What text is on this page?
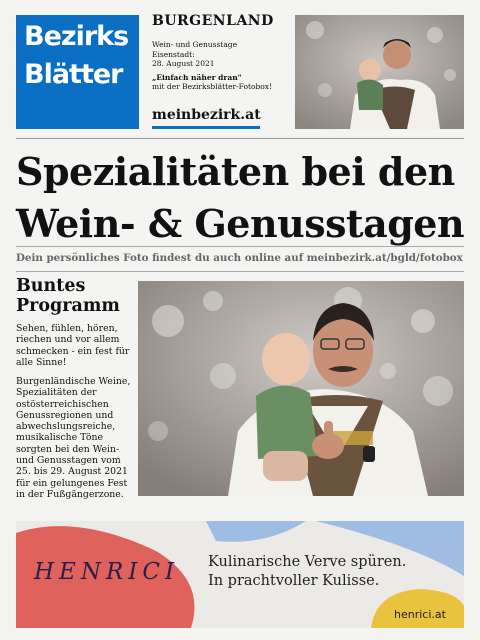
Bezirks
Blätter
BURGENLAND
Wein- und Genusstage
Eisenstadt:
28. August 2021
„Einfach näher dran"
mit der Bezirksblätter-Fotobox!
meinbezirk.at
Spezialitäten bei den
Wein- & Genusstagen
Dein persönliches Foto findest du auch online auf meinbezirk.at/bgld/fotobox
Buntes
Programm
Sehen, fühlen, hören, riechen und vor allem schmecken - ein fest für alle Sinne!
Burgenländische Weine, Spezialitäten der ostösterreichischen Genussregionen und abwechslungsreiche, musikalische Töne sorgten bei den Wein- und Genusstagen vom 25. bis 29. August 2021 für ein gelungenes Fest in der Fußgängerzone.
HENRICI Kulinarische Verve spüren.
In prachtvoller Kulisse.
henrici.at
